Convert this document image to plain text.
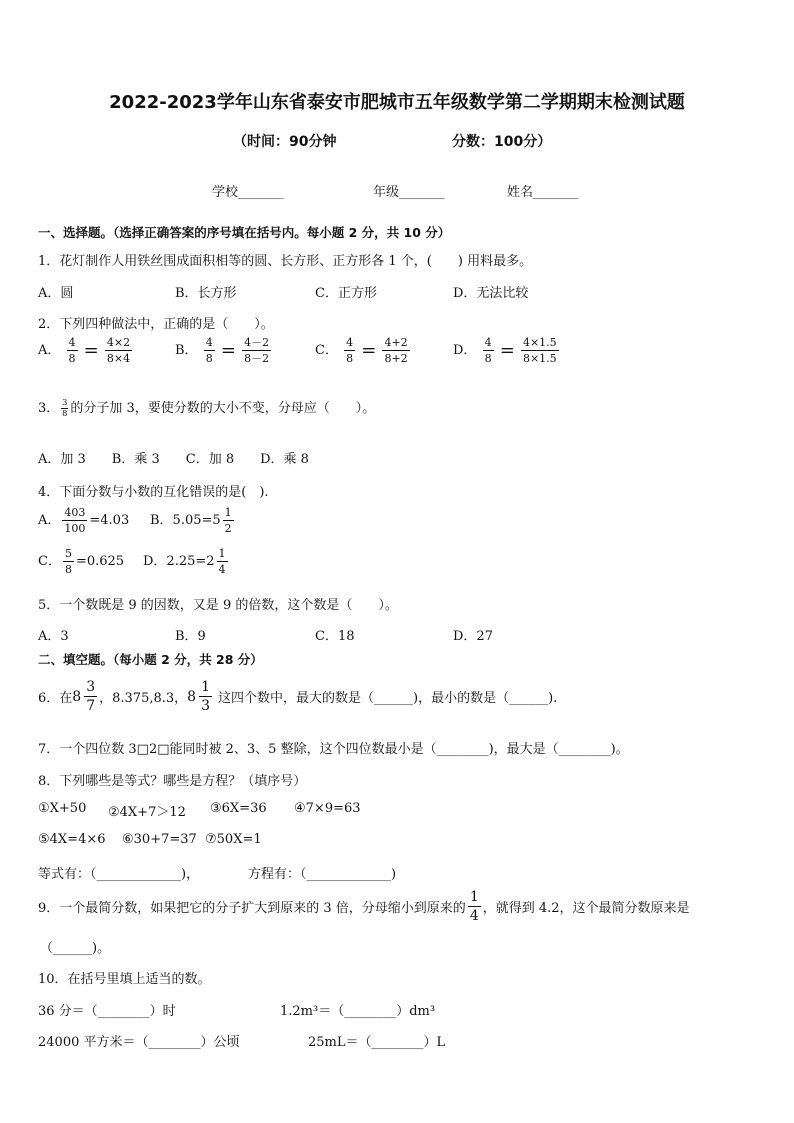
2022-2023学年山东省泰安市肥城市五年级数学第二学期期末检测试题
（时间：90分钟	分数：100分）
学校_______	年级_______	姓名_______
一、选择题。（选择正确答案的序号填在括号内。每小题 2 分，共 10 分）
1．花灯制作人用铁丝围成面积相等的圆、长方形、正方形各 1 个，(　　) 用料最多。
A．圆	B．长方形	C．正方形	D．无法比较
2．下列四种做法中，正确的是（　　）。
A． $\frac{4}{8} = \frac{4\times 2}{8\times 4}$	B． $\frac{4}{8} = \frac{4-2}{8-2}$	C． $\frac{4}{8} = \frac{4+2}{8+2}$	D． $\frac{4}{8} = \frac{4\times 1.5}{8\times 1.5}$
3． $\frac{3}{8}$ 的分子加 3，要使分数的大小不变，分母应（　　）。
A．加 3　　B．乘 3　　C．加 8　　D．乘 8
4．下面分数与小数的互化错误的是(　).
A． $\frac{403}{100} =4.03$ B．$5.05=5 \frac{1}{2}$
C． $\frac{5}{8} =0.625$ D．$2.25=2 \frac{1}{4}$
5．一个数既是 9 的因数，又是 9 的倍数，这个数是（　　）。
A．3	B．9	C．18	D．27
二、填空题。（每小题 2 分，共 28 分）
6．在 $8 \frac{3}{7}$ ，8.375,8.3， $8 \frac{1}{3}$ 这四个数中，最大的数是（______)，最小的数是（______).
7．一个四位数 3□2□能同时被 2、3、5 整除，这个四位数最小是（________)，最大是（________)。
8．下列哪些是等式？哪些是方程？（填序号）
①X+50 ②4X+7＞12 ③6X=36 ④7×9=63
⑤4X=4×6 ⑥30+7=37 ⑦50X=1
等式有：（_____________)，	方程有：（_____________)
9．一个最简分数，如果把它的分子扩大到原来的 3 倍，分母缩小到原来的 $\frac{1}{4}$ ，就得到 4.2，这个最简分数原来是
（______)。
10．在括号里填上适当的数。
36 分＝（________）时	1.2m³＝（________）dm³
24000 平方米＝（________）公顷	25mL＝（________）L
